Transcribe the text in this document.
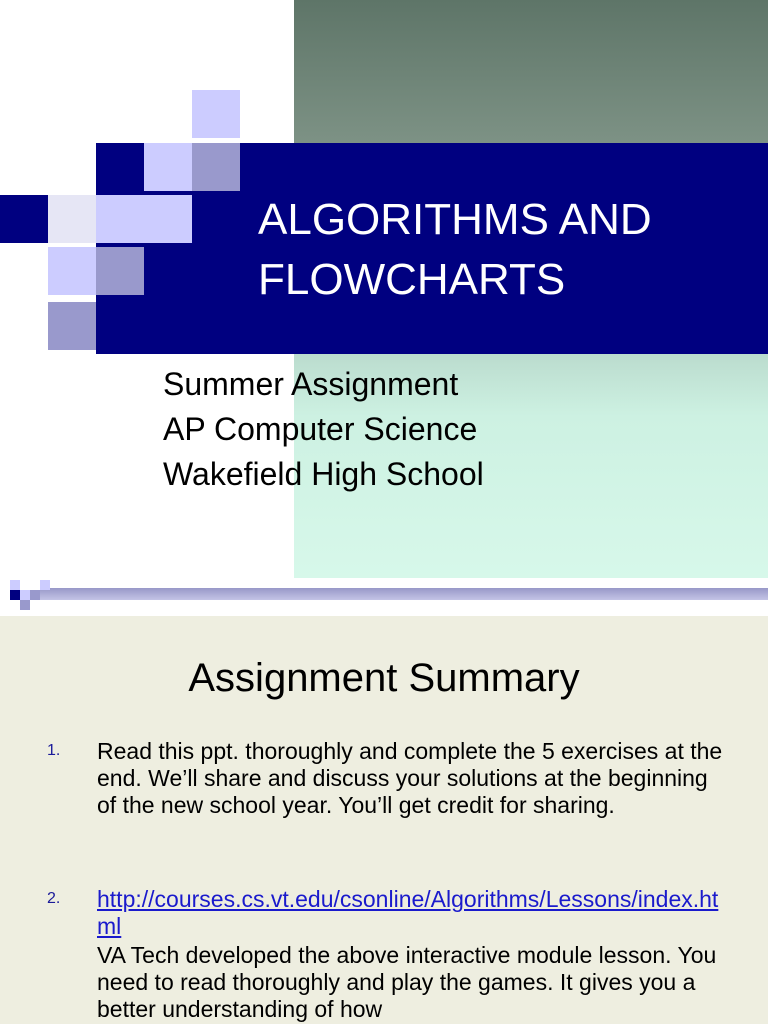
ALGORITHMS AND
FLOWCHARTS
Summer Assignment
AP Computer Science
Wakefield High School
Assignment Summary
1. Read this ppt. thoroughly and complete the 5 exercises at the end. We’ll share and discuss your solutions at the beginning of the new school year. You’ll get credit for sharing.
2. http://courses.cs.vt.edu/csonline/Algorithms/Lessons/index.html
VA Tech developed the above interactive module lesson. You need to read thoroughly and play the games. It gives you a better understanding of how
